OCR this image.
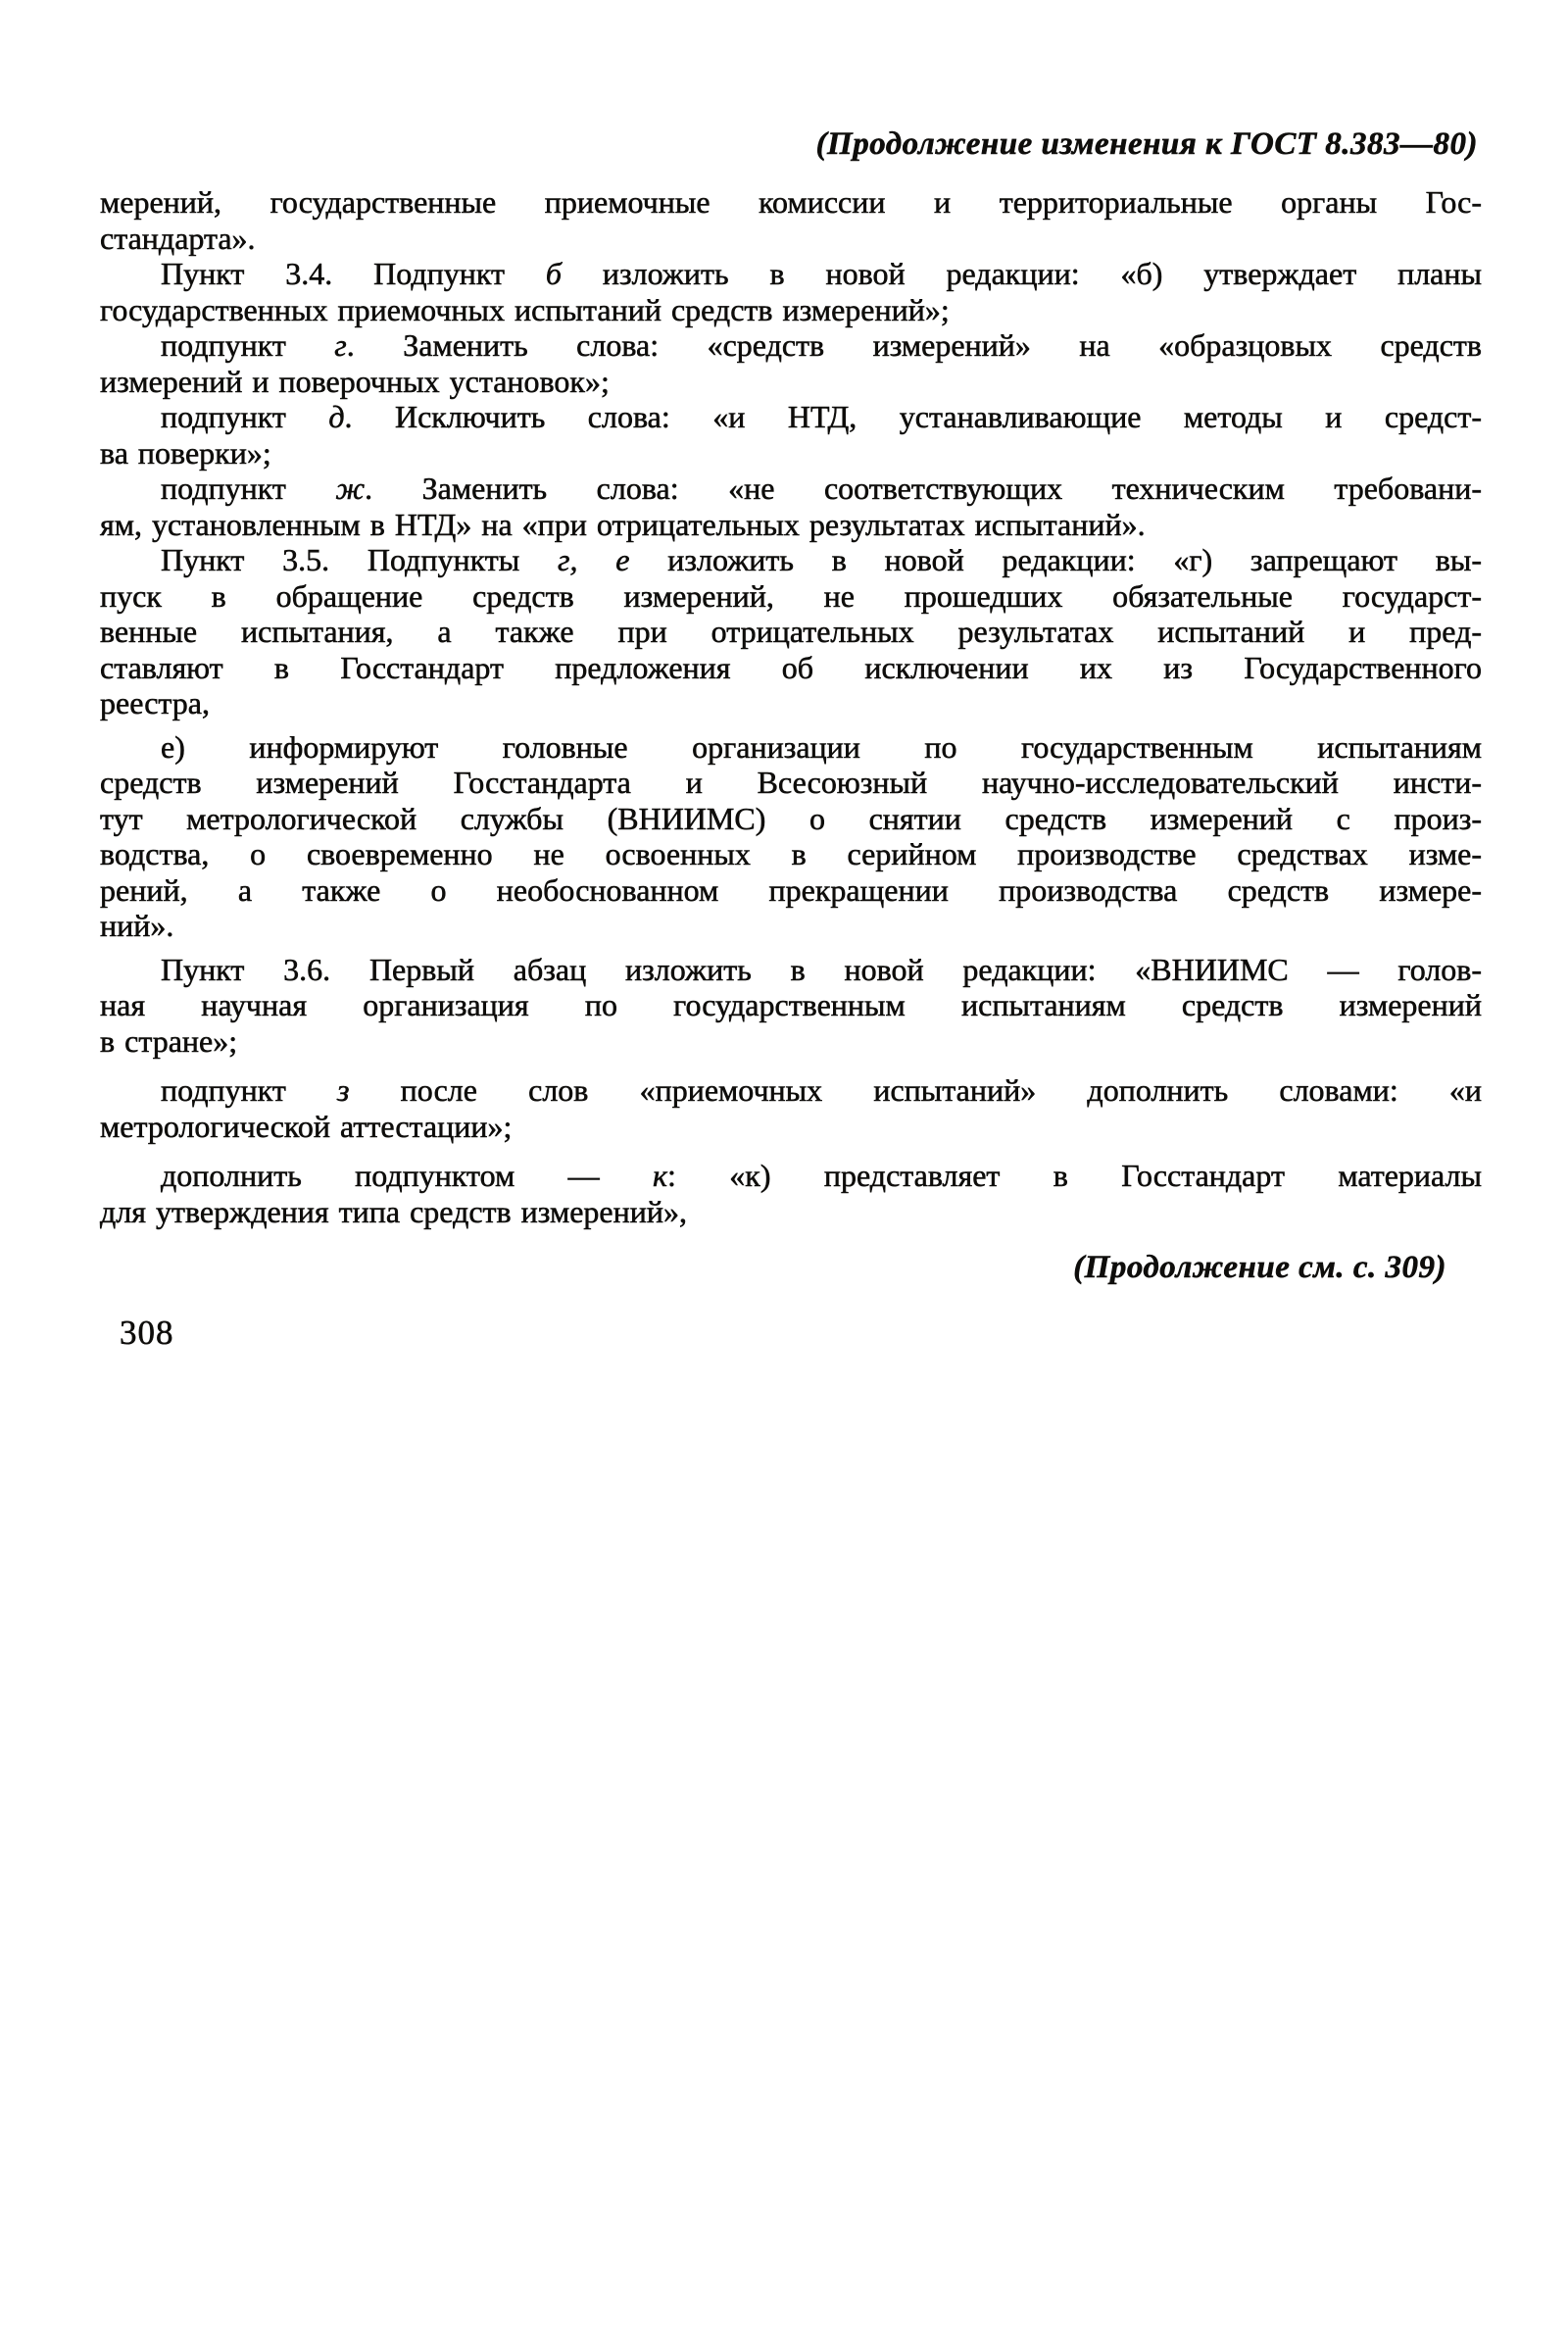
(Продолжение изменения к ГОСТ 8.383—80)
мерений, государственные приемочные комиссии и территориальные органы Гос-
стандарта».
Пункт 3.4. Подпункт б изложить в новой редакции: «б) утверждает планы
государственных приемочных испытаний средств измерений»;
подпункт г. Заменить слова: «средств измерений» на «образцовых средств
измерений и поверочных установок»;
подпункт д. Исключить слова: «и НТД, устанавливающие методы и средст-
ва поверки»;
подпункт ж. Заменить слова: «не соответствующих техническим требовани-
ям, установленным в НТД» на «при отрицательных результатах испытаний».
Пункт 3.5. Подпункты г, е изложить в новой редакции: «г) запрещают вы-
пуск в обращение средств измерений, не прошедших обязательные государст-
венные испытания, а также при отрицательных результатах испытаний и пред-
ставляют в Госстандарт предложения об исключении их из Государственного
реестра,
е) информируют головные организации по государственным испытаниям
средств измерений Госстандарта и Всесоюзный научно-исследовательский инсти-
тут метрологической службы (ВНИИМС) о снятии средств измерений с произ-
водства, о своевременно не освоенных в серийном производстве средствах изме-
рений, а также о необоснованном прекращении производства средств измере-
ний».
Пункт 3.6. Первый абзац изложить в новой редакции: «ВНИИМС — голов-
ная научная организация по государственным испытаниям средств измерений
в стране»;
подпункт з после слов «приемочных испытаний» дополнить словами: «и
метрологической аттестации»;
дополнить подпунктом — к: «к) представляет в Госстандарт материалы
для утверждения типа средств измерений»,
(Продолжение см. с. 309)
308
